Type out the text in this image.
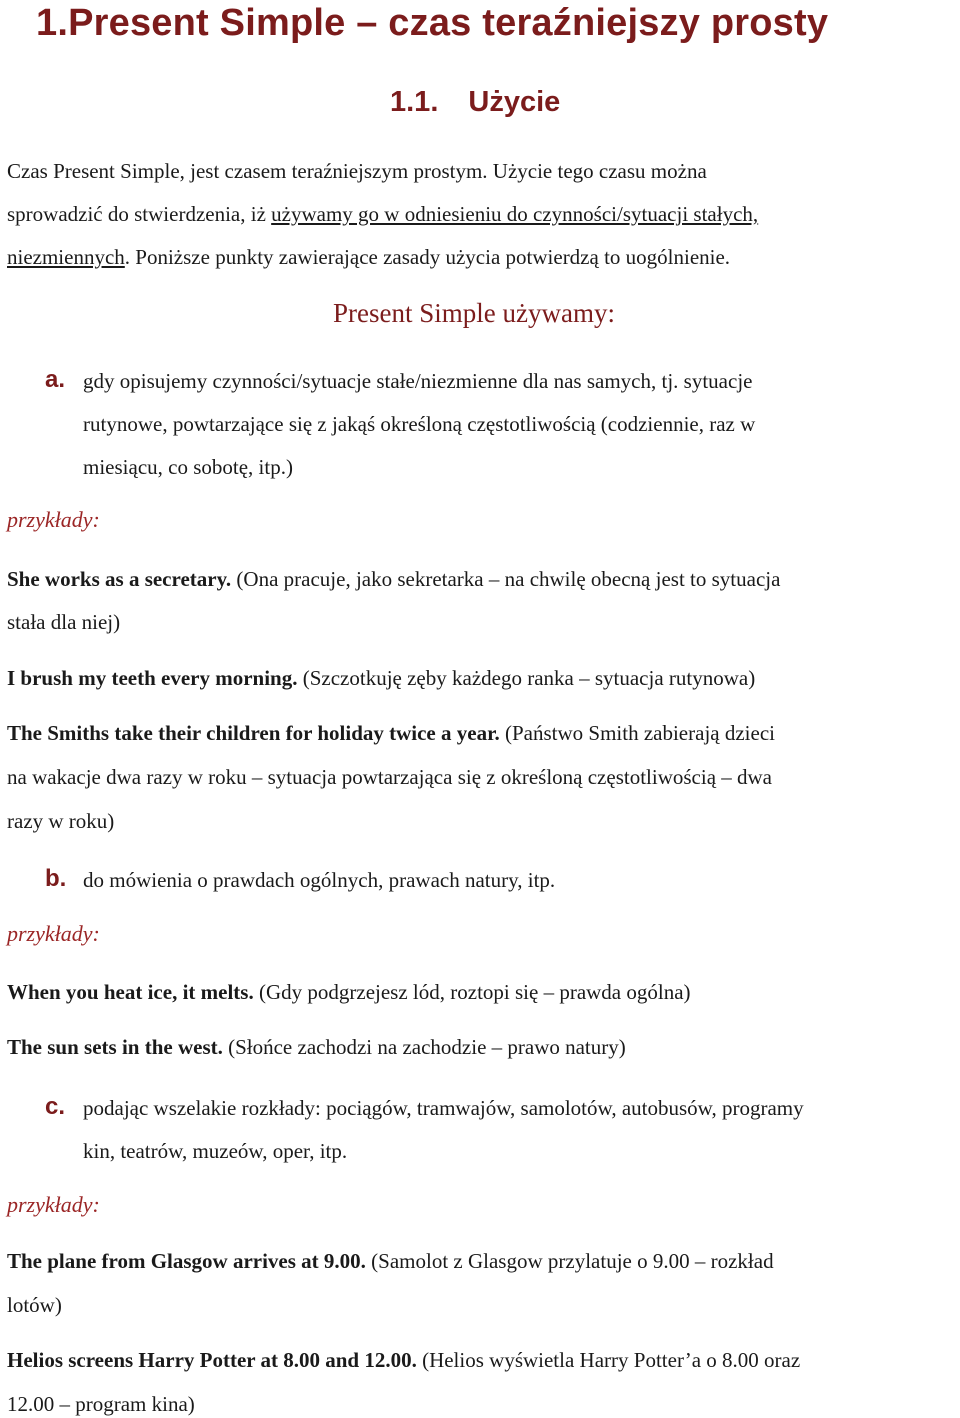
1.Present Simple – czas teraźniejszy prosty
1.1. Użycie
Czas Present Simple, jest czasem teraźniejszym prostym. Użycie tego czasu można
sprowadzić do stwierdzenia, iż używamy go w odniesieniu do czynności/sytuacji stałych,
niezmiennych. Poniższe punkty zawierające zasady użycia potwierdzą to uogólnienie.
Present Simple używamy:
a. gdy opisujemy czynności/sytuacje stałe/niezmienne dla nas samych, tj. sytuacje
rutynowe, powtarzające się z jakąś określoną częstotliwością (codziennie, raz w
miesiącu, co sobotę, itp.)
przykłady:
She works as a secretary. (Ona pracuje, jako sekretarka – na chwilę obecną jest to sytuacja
stała dla niej)
I brush my teeth every morning. (Szczotkuję zęby każdego ranka – sytuacja rutynowa)
The Smiths take their children for holiday twice a year. (Państwo Smith zabierają dzieci
na wakacje dwa razy w roku – sytuacja powtarzająca się z określoną częstotliwością – dwa
razy w roku)
b. do mówienia o prawdach ogólnych, prawach natury, itp.
przykłady:
When you heat ice, it melts. (Gdy podgrzejesz lód, roztopi się – prawda ogólna)
The sun sets in the west. (Słońce zachodzi na zachodzie – prawo natury)
c. podając wszelakie rozkłady: pociągów, tramwajów, samolotów, autobusów, programy
kin, teatrów, muzeów, oper, itp.
przykłady:
The plane from Glasgow arrives at 9.00. (Samolot z Glasgow przylatuje o 9.00 – rozkład
lotów)
Helios screens Harry Potter at 8.00 and 12.00. (Helios wyświetla Harry Potter’a o 8.00 oraz
12.00 – program kina)
